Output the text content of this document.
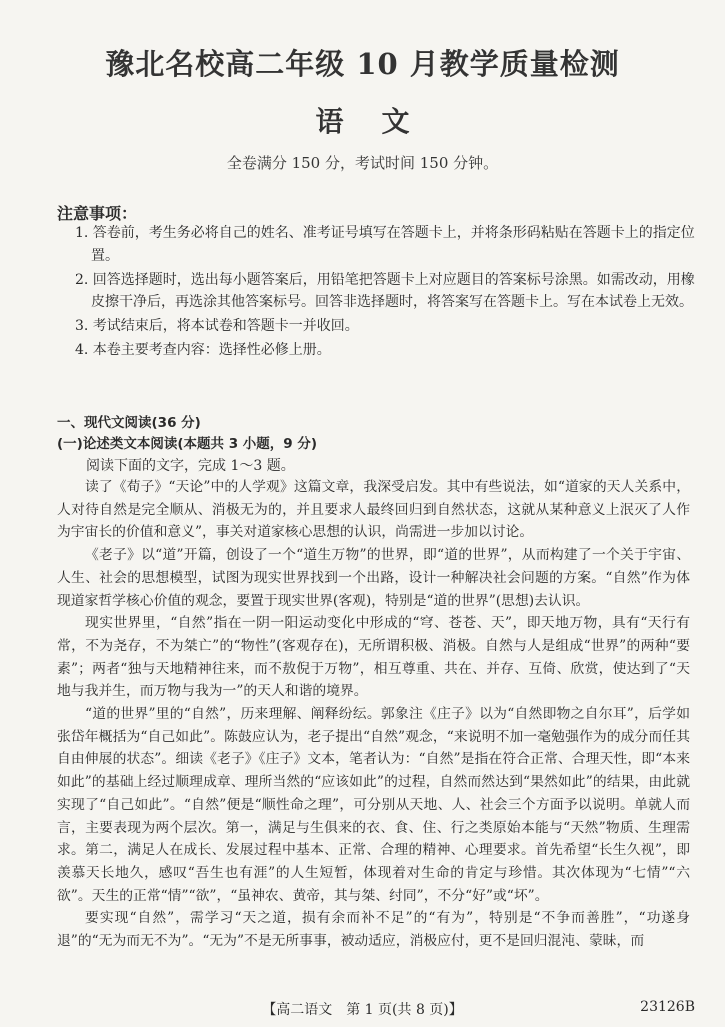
豫北名校高二年级 10 月教学质量检测
语文
全卷满分 150 分，考试时间 150 分钟。
注意事项：
1. 答卷前，考生务必将自己的姓名、准考证号填写在答题卡上，并将条形码粘贴在答题卡上的指定位置。
2. 回答选择题时，选出每小题答案后，用铅笔把答题卡上对应题目的答案标号涂黑。如需改动，用橡皮擦干净后，再选涂其他答案标号。回答非选择题时，将答案写在答题卡上。写在本试卷上无效。
3. 考试结束后，将本试卷和答题卡一并收回。
4. 本卷主要考查内容：选择性必修上册。
一、现代文阅读(36 分)
(一)论述类文本阅读(本题共 3 小题，9 分)
阅读下面的文字，完成 1～3 题。

读了《荀子》“天论”中的人学观》这篇文章，我深受启发。其中有些说法，如“道家的天人关系中，人对待自然是完全顺从、消极无为的，并且要求人最终回归到自然状态，这就从某种意义上泯灭了人作为宇宙长的价值和意义”，事关对道家核心思想的认识，尚需进一步加以讨论。

《老子》以“道”开篇，创设了一个“道生万物”的世界，即“道的世界”，从而构建了一个关于宇宙、人生、社会的思想模型，试图为现实世界找到一个出路，设计一种解决社会问题的方案。“自然”作为体现道家哲学核心价值的观念，要置于现实世界(客观)，特别是“道的世界”(思想)去认识。

现实世界里，“自然”指在一阴一阳运动变化中形成的“穹、苍苍、天”，即天地万物，具有“天行有常，不为尧存，不为桀亡”的“物性”(客观存在)，无所谓积极、消极。自然与人是组成“世界”的两种“要素”；两者“独与天地精神往来，而不敖倪于万物”，相互尊重、共在、并存、互倚、欣赏，使达到了“天地与我并生，而万物与我为一”的天人和谐的境界。

“道的世界”里的“自然”，历来理解、阐释纷纭。郭象注《庄子》以为“自然即物之自尔耳”，后学如张岱年概括为“自己如此”。陈鼓应认为，老子提出“自然”观念，“来说明不加一毫勉强作为的成分而任其自由伸展的状态”。细读《老子》《庄子》文本，笔者认为：“自然”是指在符合正常、合理天性，即“本来如此”的基础上经过顺理成章、理所当然的“应该如此”的过程，自然而然达到“果然如此”的结果，由此就实现了“自己如此”。“自然”便是“顺性命之理”，可分别从天地、人、社会三个方面予以说明。单就人而言，主要表现为两个层次。第一，满足与生俱来的衣、食、住、行之类原始本能与“天然”物质、生理需求。第二，满足人在成长、发展过程中基本、正常、合理的精神、心理要求。首先希望“长生久视”，即羡慕天长地久，感叹“吾生也有涯”的人生短暂，体现着对生命的肯定与珍惜。其次体现为“七情”“六欲”。天生的正常“情”“欲”，“虽神农、黄帝，其与桀、纣同”，不分“好”或“坏”。

要实现“自然”，需学习“天之道，损有余而补不足”的“有为”，特别是“不争而善胜”，“功遂身退”的“无为而无不为”。“无为”不是无所事事，被动适应，消极应付，更不是回归混沌、蒙昧，而

【高二语文　第 1 页(共 8 页)】	23126B
